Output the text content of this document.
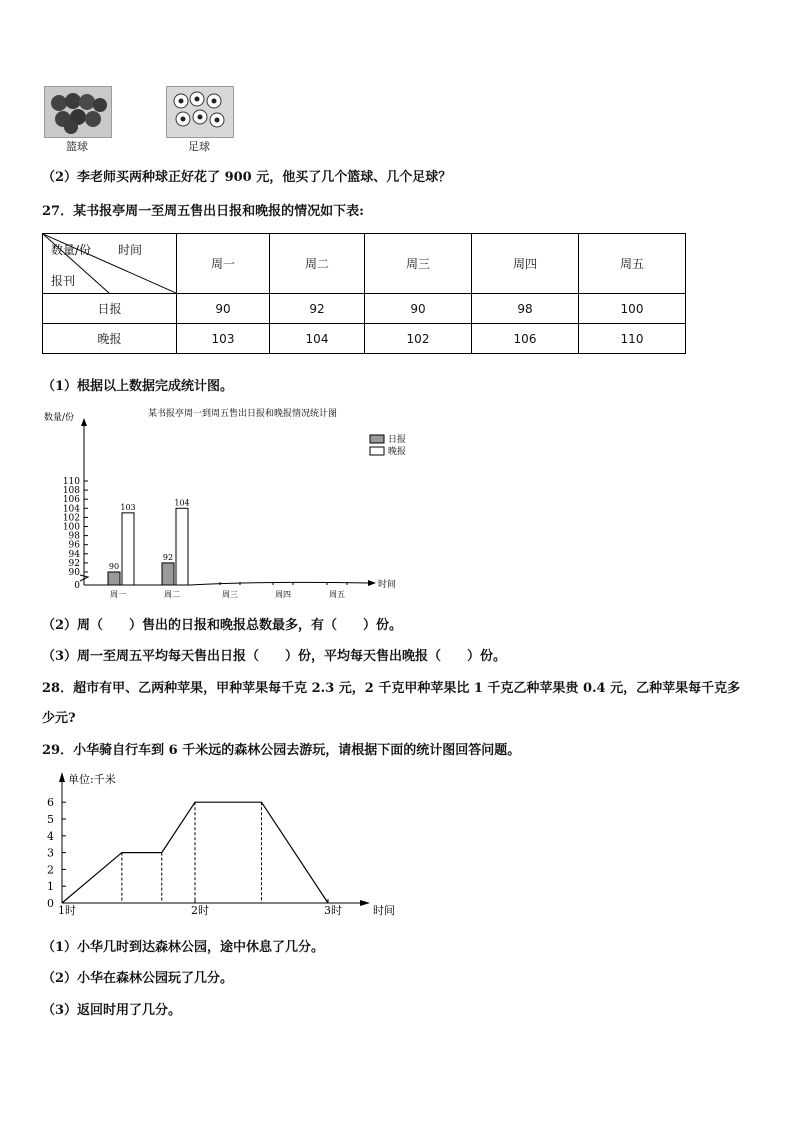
篮球	足球
（2）李老师买两种球正好花了 900 元，他买了几个篮球、几个足球？
27．某书报亭周一至周五售出日报和晚报的情况如下表:
数量/份 时间
报刊	周一	周二	周三	周四	周五
日报	90	92	90	98	100
晚报	103	104	102	106	110
（1）根据以上数据完成统计图。
某书报亭周一到周五售出日报和晚报情况统计图
数量/份
时间
0
90
92
94
96
98
100
102
104
106
108
110
周一	周二	周三	周四	周五
90
92
103
104
日报
晚报
（2）周（　　）售出的日报和晚报总数最多，有（　　）份。
（3）周一至周五平均每天售出日报（　　）份，平均每天售出晚报（　　）份。
28．超市有甲、乙两种苹果，甲种苹果每千克 2.3 元，2 千克甲种苹果比 1 千克乙种苹果贵 0.4 元，乙种苹果每千克多
少元?
29．小华骑自行车到 6 千米远的森林公园去游玩，请根据下面的统计图回答问题。
单位:千米
时间
0
1
2
3
4
5
6
1时	2时	3时
（1）小华几时到达森林公园，途中休息了几分。
（2）小华在森林公园玩了几分。
（3）返回时用了几分。
